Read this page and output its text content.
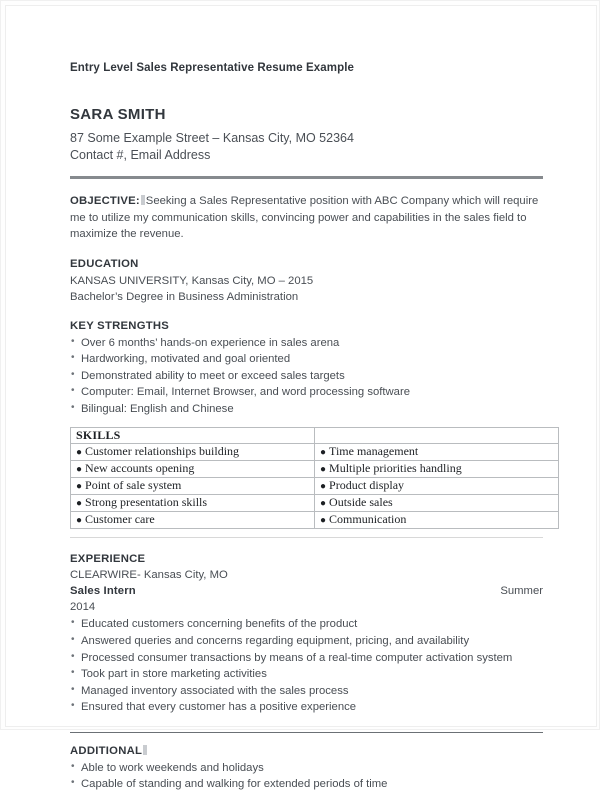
Entry Level Sales Representative Resume Example
SARA SMITH
87 Some Example Street – Kansas City, MO 52364
Contact #, Email Address

OBJECTIVE: Seeking a Sales Representative position with ABC Company which will require me to utilize my communication skills, convincing power and capabilities in the sales field to maximize the revenue.

EDUCATION
KANSAS UNIVERSITY, Kansas City, MO – 2015
Bachelor’s Degree in Business Administration
KEY STRENGTHS
• Over 6 months’ hands-on experience in sales arena
• Hardworking, motivated and goal oriented
• Demonstrated ability to meet or exceed sales targets
• Computer: Email, Internet Browser, and word processing software
• Bilingual: English and Chinese
SKILLS	
● Customer relationships building	● Time management
● New accounts opening	● Multiple priorities handling
● Point of sale system	● Product display
● Strong presentation skills	● Outside sales
● Customer care	● Communication
EXPERIENCE
CLEARWIRE- Kansas City, MO
Sales Intern	Summer
2014
• Educated customers concerning benefits of the product
• Answered queries and concerns regarding equipment, pricing, and availability
• Processed consumer transactions by means of a real-time computer activation system
• Took part in store marketing activities
• Managed inventory associated with the sales process
• Ensured that every customer has a positive experience
ADDITIONAL
• Able to work weekends and holidays
• Capable of standing and walking for extended periods of time
